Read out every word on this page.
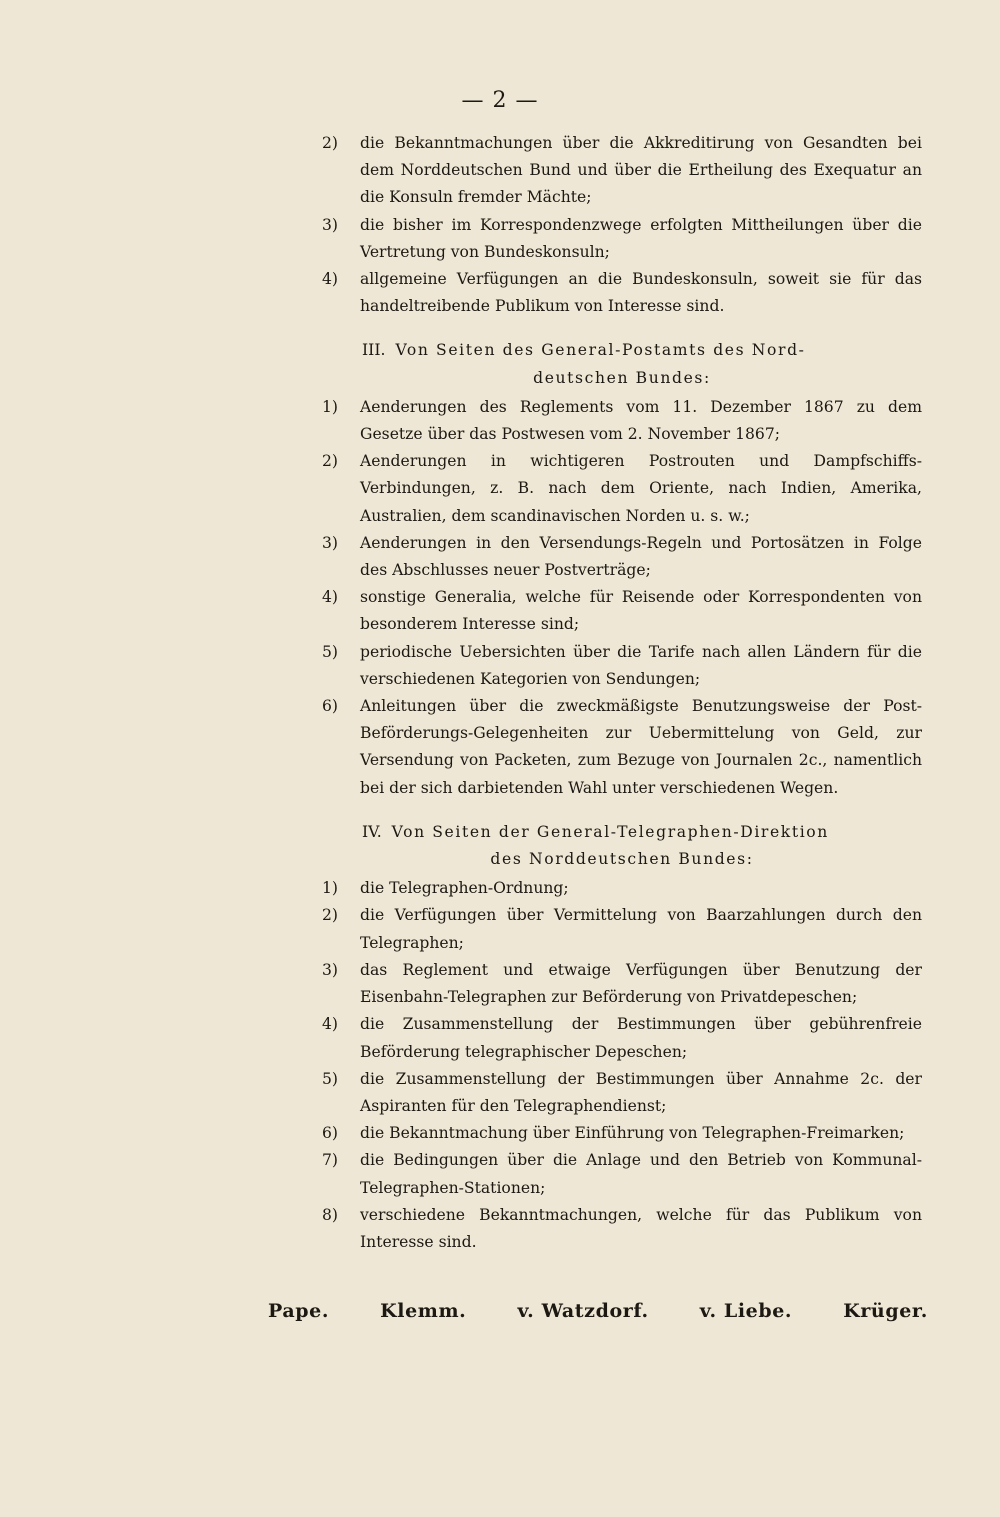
— 2 —
2) die Bekanntmachungen über die Akkreditirung von Gesandten bei dem Norddeutschen Bund und über die Ertheilung des Exequatur an die Konsuln fremder Mächte;
3) die bisher im Korrespondenzwege erfolgten Mittheilungen über die Vertretung von Bundeskonsuln;
4) allgemeine Verfügungen an die Bundeskonsuln, soweit sie für das handeltreibende Publikum von Interesse sind.
III. Von Seiten des General-Postamts des Nord-
deutschen Bundes:
1) Aenderungen des Reglements vom 11. Dezember 1867 zu dem Gesetze über das Postwesen vom 2. November 1867;
2) Aenderungen in wichtigeren Postrouten und Dampfschiffs-Verbindungen, z. B. nach dem Oriente, nach Indien, Amerika, Australien, dem scandinavischen Norden u. s. w.;
3) Aenderungen in den Versendungs-Regeln und Portosätzen in Folge des Abschlusses neuer Postverträge;
4) sonstige Generalia, welche für Reisende oder Korrespondenten von besonderem Interesse sind;
5) periodische Uebersichten über die Tarife nach allen Ländern für die verschiedenen Kategorien von Sendungen;
6) Anleitungen über die zweckmäßigste Benutzungsweise der Post-Beförderungs-Gelegenheiten zur Uebermittelung von Geld, zur Versendung von Packeten, zum Bezuge von Journalen 2c., namentlich bei der sich darbietenden Wahl unter verschiedenen Wegen.
IV. Von Seiten der General-Telegraphen-Direktion
des Norddeutschen Bundes:
1) die Telegraphen-Ordnung;
2) die Verfügungen über Vermittelung von Baarzahlungen durch den Telegraphen;
3) das Reglement und etwaige Verfügungen über Benutzung der Eisenbahn-Telegraphen zur Beförderung von Privatdepeschen;
4) die Zusammenstellung der Bestimmungen über gebührenfreie Beförderung telegraphischer Depeschen;
5) die Zusammenstellung der Bestimmungen über Annahme 2c. der Aspiranten für den Telegraphendienst;
6) die Bekanntmachung über Einführung von Telegraphen-Freimarken;
7) die Bedingungen über die Anlage und den Betrieb von Kommunal-Telegraphen-Stationen;
8) verschiedene Bekanntmachungen, welche für das Publikum von Interesse sind.
Pape.	Klemm.	v. Watzdorf.	v. Liebe.	Krüger.
